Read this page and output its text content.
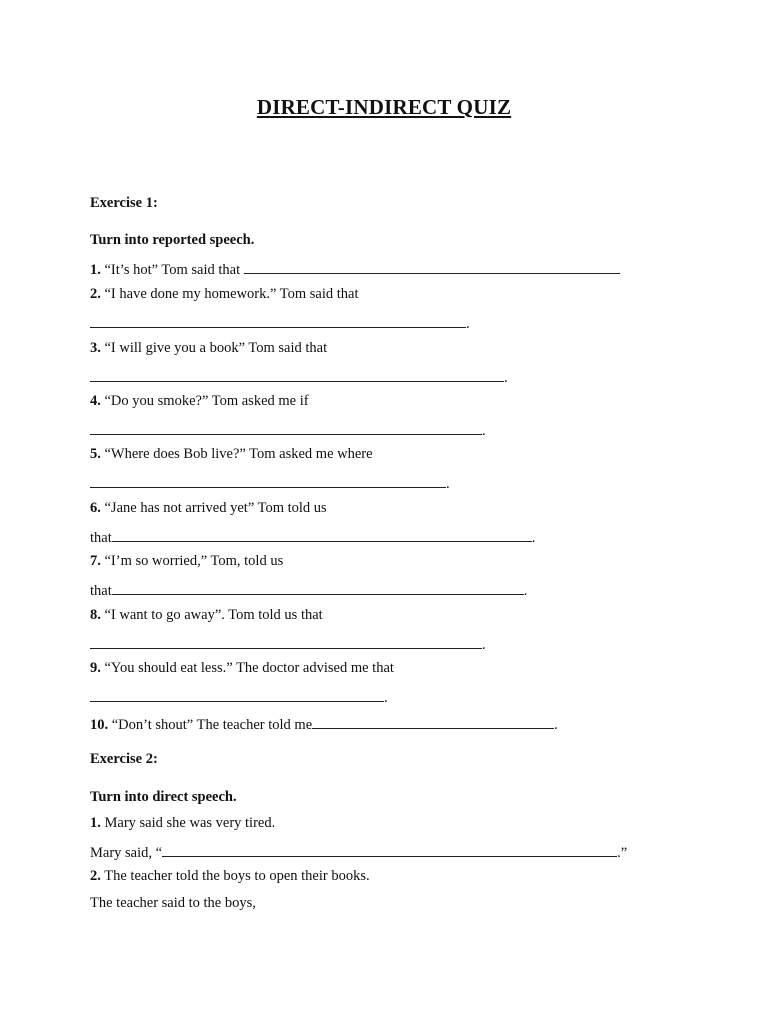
DIRECT-INDIRECT QUIZ
Exercise 1:
Turn into reported speech.
1. “It’s hot” Tom said that
2. “I have done my homework.” Tom said that
.
3. “I will give you a book” Tom said that
.
4. “Do you smoke?” Tom asked me if
.
5. “Where does Bob live?” Tom asked me where
.
6. “Jane has not arrived yet” Tom told us
that	.
7. “I’m so worried,” Tom, told us
that	.
8. “I want to go away”. Tom told us that
.
9. “You should eat less.” The doctor advised me that
.
10. “Don’t shout” The teacher told me	.
Exercise 2:
Turn into direct speech.
1. Mary said she was very tired.
Mary said, “	.”
2. The teacher told the boys to open their books.
The teacher said to the boys,
